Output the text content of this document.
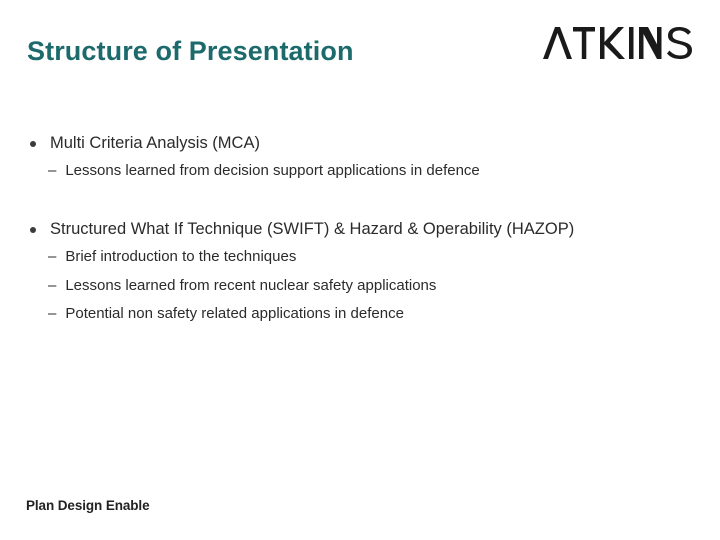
Structure of Presentation
Multi Criteria Analysis (MCA)
– Lessons learned from decision support applications in defence
Structured What If Technique (SWIFT) & Hazard & Operability (HAZOP)
– Brief introduction to the techniques
– Lessons learned from recent nuclear safety applications
– Potential non safety related applications in defence
Plan Design Enable
